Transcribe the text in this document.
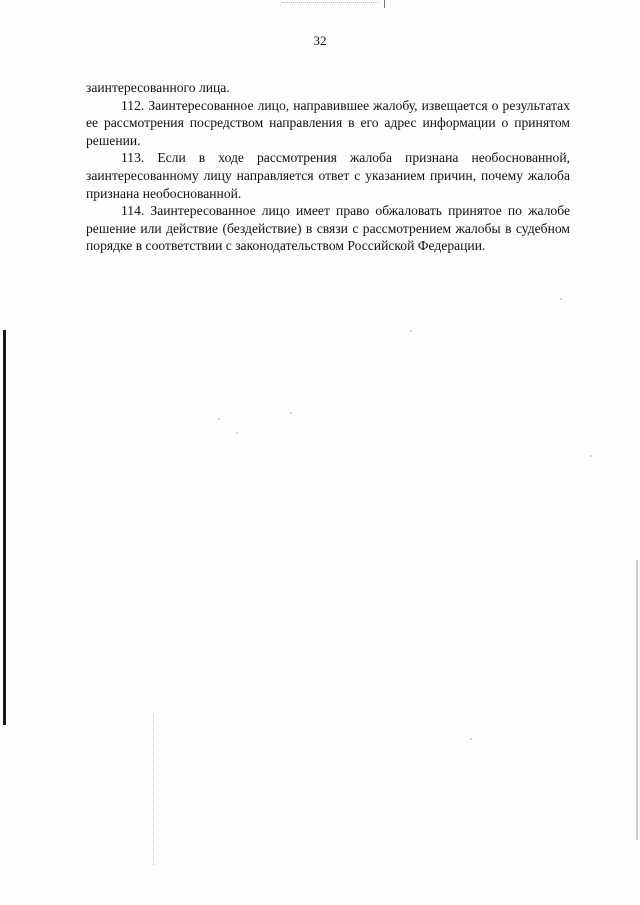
32

заинтересованного лица.

112. Заинтересованное лицо, направившее жалобу, извещается о результатах ее рассмотрения посредством направления в его адрес информации о принятом решении.

113. Если в ходе рассмотрения жалоба признана необоснованной, заинтересованному лицу направляется ответ с указанием причин, почему жалоба признана необоснованной.

114. Заинтересованное лицо имеет право обжаловать принятое по жалобе решение или действие (бездействие) в связи с рассмотрением жалобы в судебном порядке в соответствии с законодательством Российской Федерации.
